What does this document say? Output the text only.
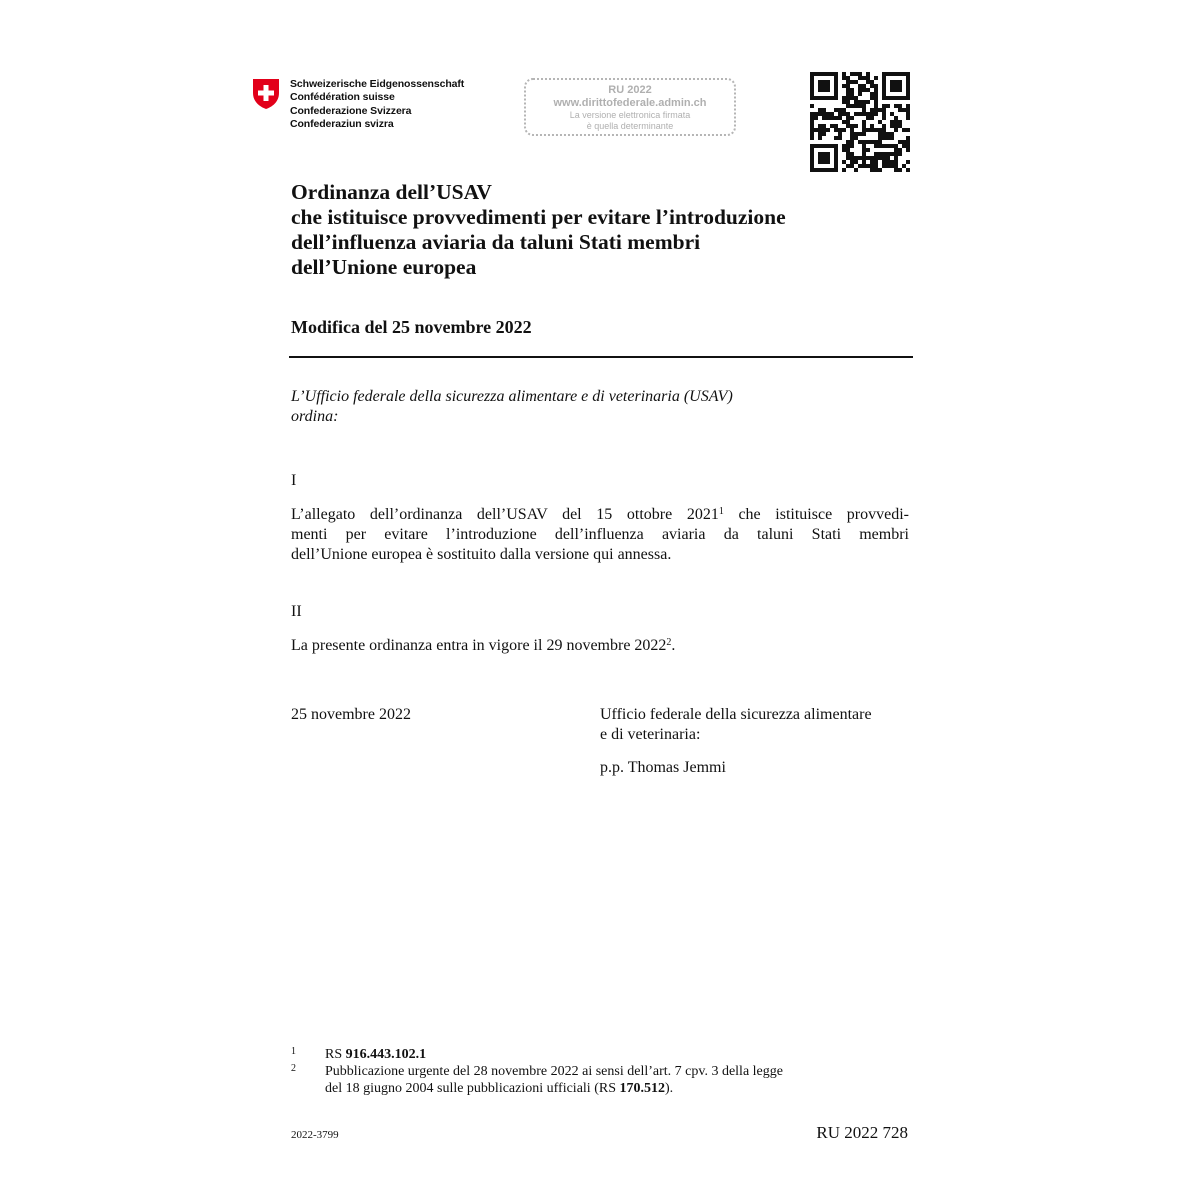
Schweizerische Eidgenossenschaft
Confédération suisse
Confederazione Svizzera
Confederaziun svizra
RU 2022
www.dirittofederale.admin.ch
La versione elettronica firmata
è quella determinante
Ordinanza dell’USAV
che istituisce provvedimenti per evitare l’introduzione
dell’influenza aviaria da taluni Stati membri
dell’Unione europea
Modifica del 25 novembre 2022
L’Ufficio federale della sicurezza alimentare e di veterinaria (USAV)
ordina:
I
L’allegato dell’ordinanza dell’USAV del 15 ottobre 2021$^1$ che istituisce provvedi-
menti per evitare l’introduzione dell’influenza aviaria da taluni Stati membri
dell’Unione europea è sostituito dalla versione qui annessa.
II
La presente ordinanza entra in vigore il 29 novembre 2022$^2$.
25 novembre 2022	Ufficio federale della sicurezza alimentare
e di veterinaria:
p.p. Thomas Jemmi
1 RS 916.443.102.1
2 Pubblicazione urgente del 28 novembre 2022 ai sensi dell’art. 7 cpv. 3 della legge
del 18 giugno 2004 sulle pubblicazioni ufficiali (RS 170.512).
2022-3799	RU 2022 728
